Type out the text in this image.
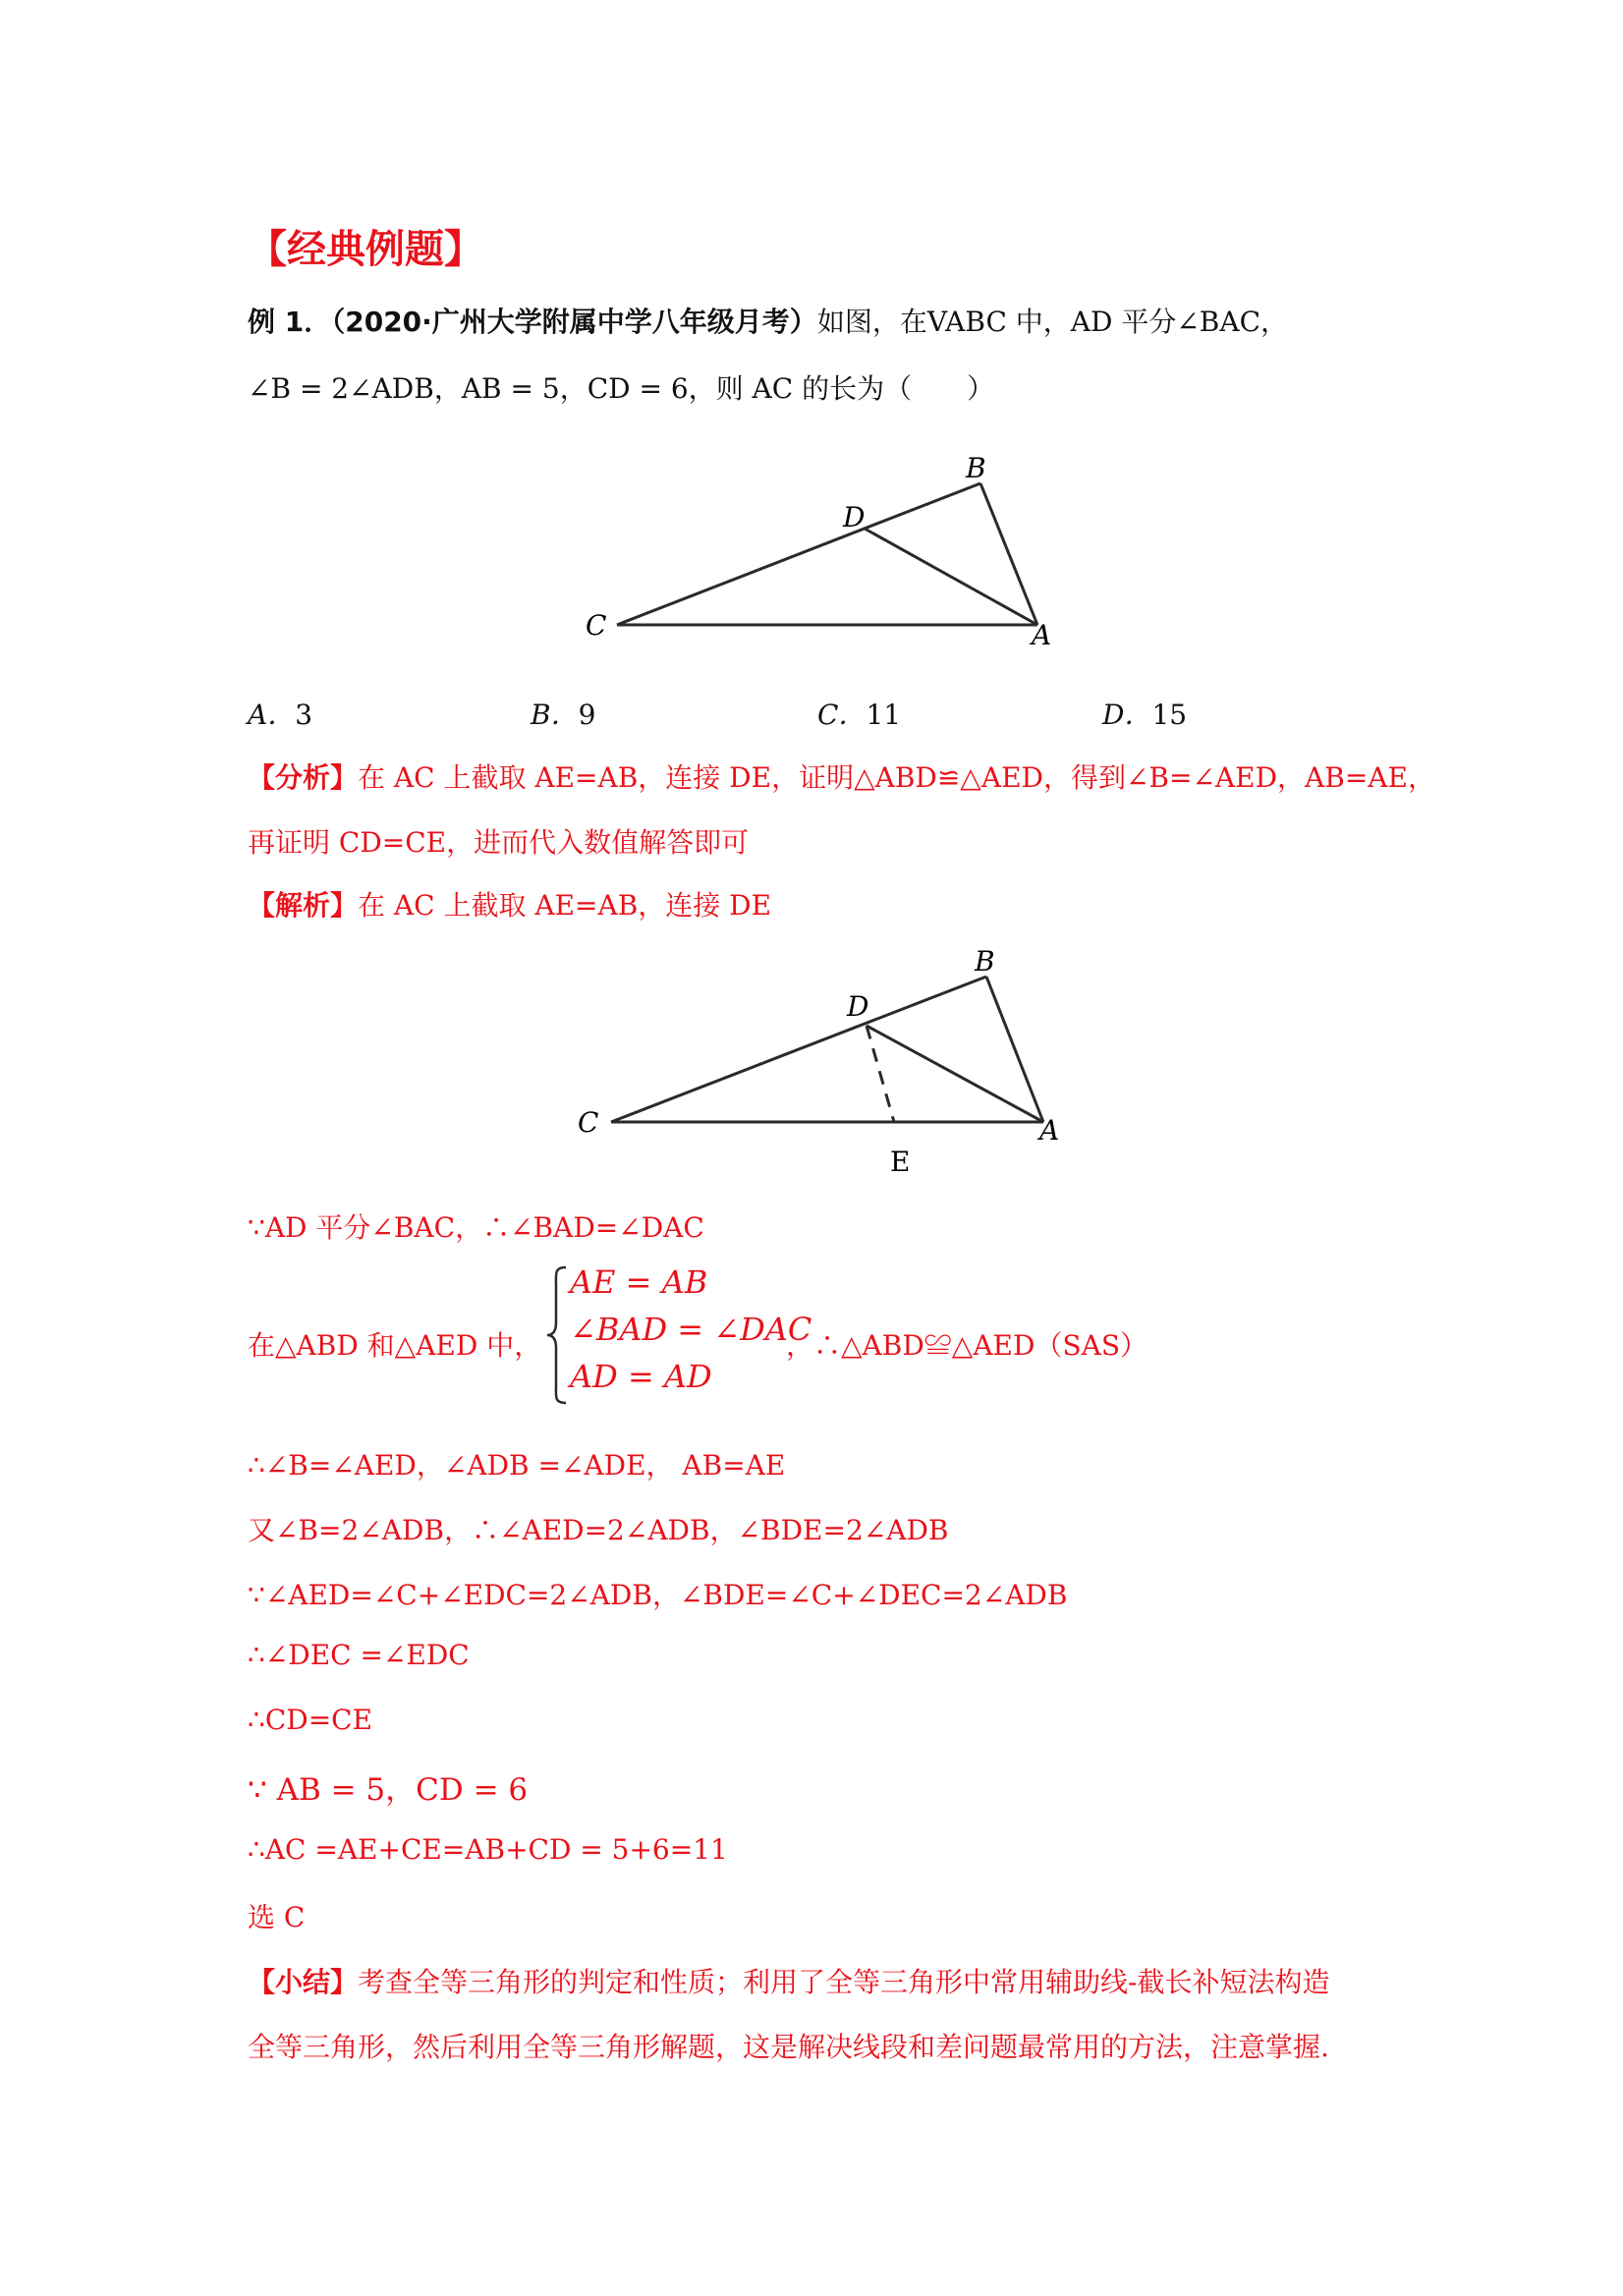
【经典例题】
例 1．（2020·广州大学附属中学八年级月考）如图，在VABC 中，AD 平分∠BAC，
∠B = 2∠ADB，AB = 5，CD = 6，则 AC 的长为（　　）
B
D
C	A
A．3	B．9	C．11	D．15
【分析】在 AC 上截取 AE=AB，连接 DE，证明△ABD≌△AED，得到∠B=∠AED，AB=AE，
再证明 CD=CE，进而代入数值解答即可
【解析】在 AC 上截取 AE=AB，连接 DE
B
D
C	A
E
∵AD 平分∠BAC，∴∠BAD=∠DAC
在△ABD 和△AED 中，
AE = AB
∠BAD = ∠DAC
AD = AD
，∴△ABD≌△AED（SAS）
∴∠B=∠AED，∠ADB =∠ADE， AB=AE
又∠B=2∠ADB，∴∠AED=2∠ADB，∠BDE=2∠ADB
∵∠AED=∠C+∠EDC=2∠ADB，∠BDE=∠C+∠DEC=2∠ADB
∴∠DEC =∠EDC
∴CD=CE
∵ AB = 5，CD = 6
∴AC =AE+CE=AB+CD = 5+6=11
选 C
【小结】考查全等三角形的判定和性质；利用了全等三角形中常用辅助线-截长补短法构造
全等三角形，然后利用全等三角形解题，这是解决线段和差问题最常用的方法，注意掌握.
